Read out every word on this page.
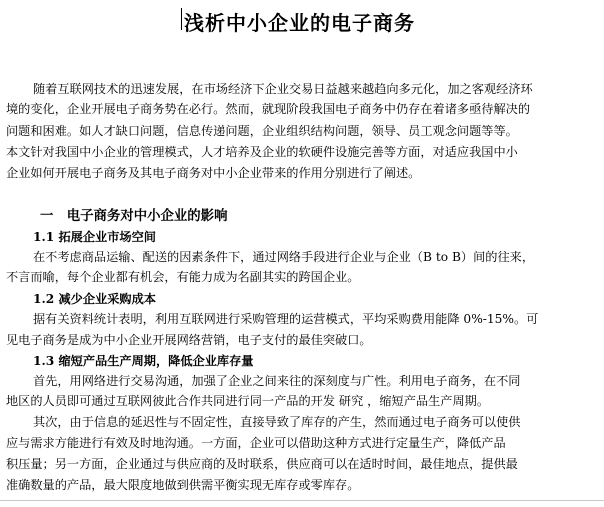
浅析中小企业的电子商务
随着互联网技术的迅速发展，在市场经济下企业交易日益越来越趋向多元化，加之客观经济环
境的变化，企业开展电子商务势在必行。然而，就现阶段我国电子商务中仍存在着诸多亟待解决的
问题和困难。如人才缺口问题，信息传递问题，企业组织结构问题，领导、员工观念问题等等。
本文针对我国中小企业的管理模式，人才培养及企业的软硬件设施完善等方面，对适应我国中小
企业如何开展电子商务及其电子商务对中小企业带来的作用分别进行了阐述。
一　电子商务对中小企业的影响
1.1 拓展企业市场空间
在不考虑商品运输、配送的因素条件下，通过网络手段进行企业与企业（B to B）间的往来，
不言而喻，每个企业都有机会，有能力成为名副其实的跨国企业。
1.2 减少企业采购成本
据有关资料统计表明，利用互联网进行采购管理的运营模式，平均采购费用能降 0%-15%。可
见电子商务是成为中小企业开展网络营销，电子支付的最佳突破口。
1.3 缩短产品生产周期，降低企业库存量
首先，用网络进行交易沟通，加强了企业之间来往的深刻度与广性。利用电子商务，在不同
地区的人员即可通过互联网彼此合作共同进行同一产品的开发 研究 ，缩短产品生产周期。
其次，由于信息的延迟性与不固定性，直接导致了库存的产生，然而通过电子商务可以使供
应与需求方能进行有效及时地沟通。一方面，企业可以借助这种方式进行定量生产，降低产品
积压量；另一方面，企业通过与供应商的及时联系，供应商可以在适时时间，最佳地点，提供最
准确数量的产品，最大限度地做到供需平衡实现无库存或零库存。
